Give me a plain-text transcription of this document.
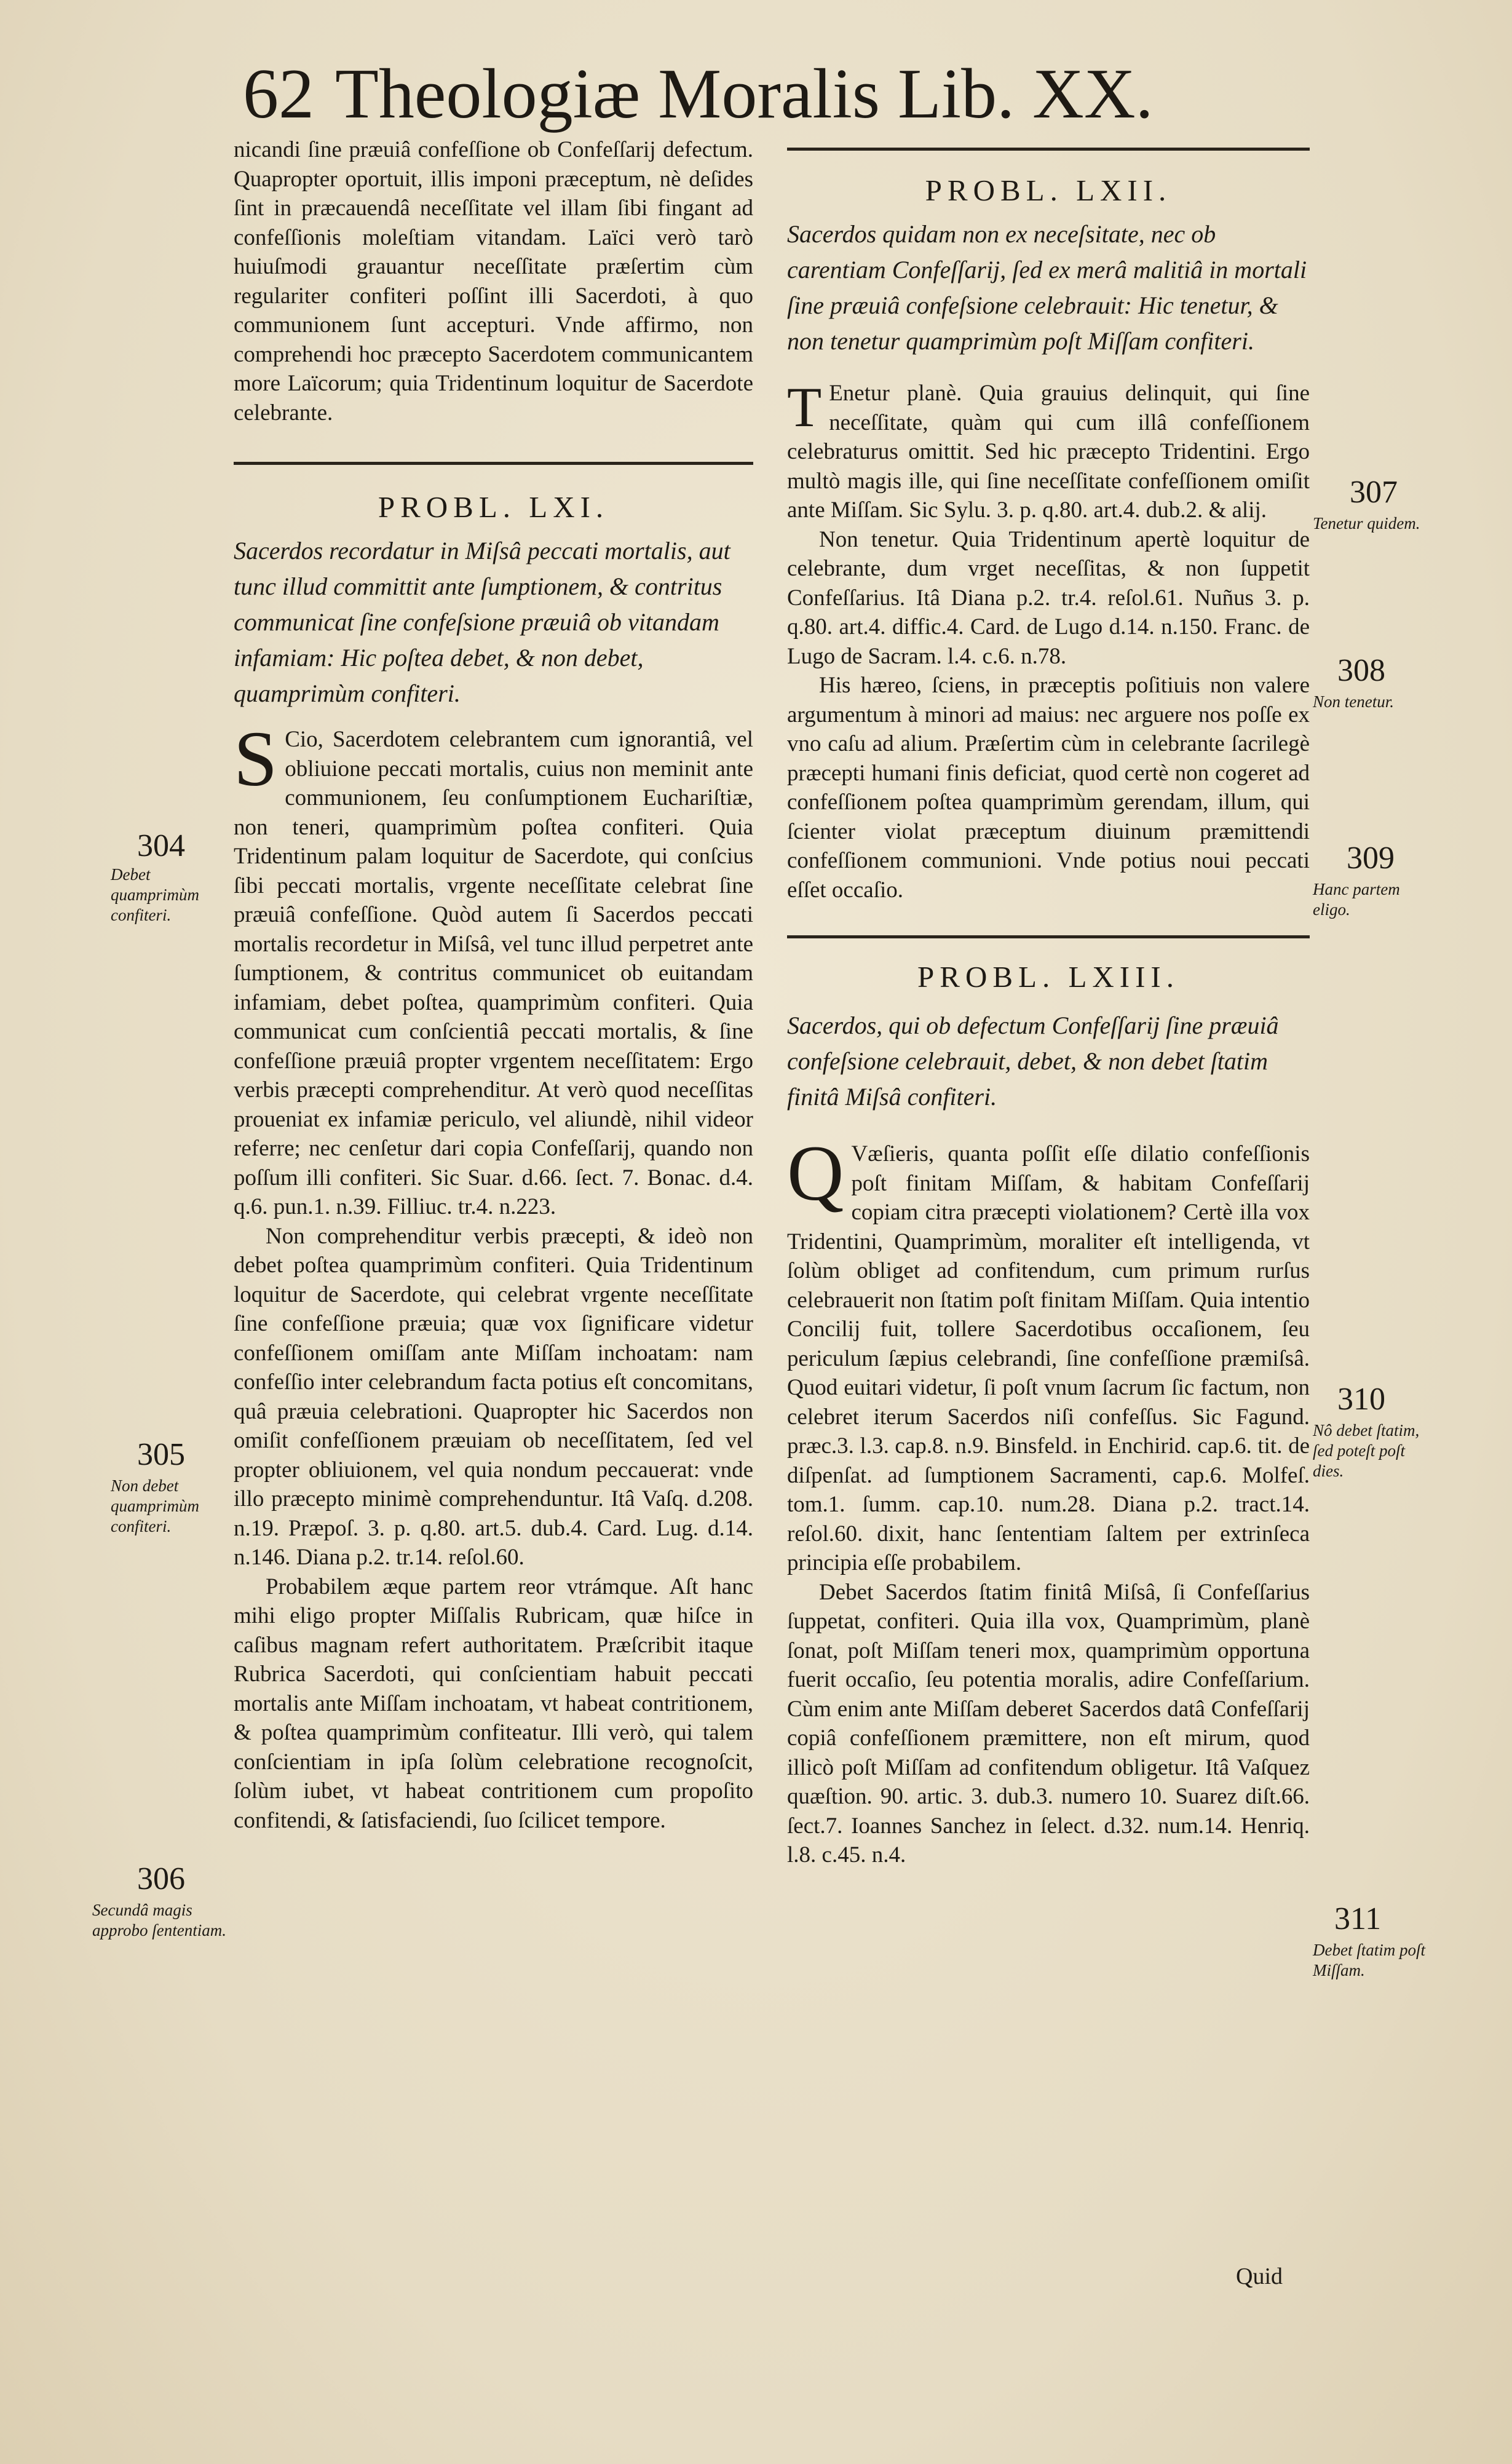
62 Theologiæ Moralis Lib. XX.

nicandi ſine præuiâ confeſſione ob Confeſſarij defectum. Quapropter oportuit, illis imponi præceptum, nè deſides ſint in præcauendâ neceſſitate vel illam ſibi fingant ad confeſſionis moleſtiam vitandam. Laïci verò tarò huiuſmodi grauantur neceſſitate præſertim cùm regulariter confiteri poſſint illi Sacerdoti, à quo communionem ſunt accepturi. Vnde affirmo, non comprehendi hoc præcepto Sacerdotem communicantem more Laïcorum; quia Tridentinum loquitur de Sacerdote celebrante.

PROBL. LXI.

Sacerdos recordatur in Miſsâ peccati mortalis, aut tunc illud committit ante ſumptionem, & contritus communicat ſine confeſsione præuiâ ob vitandam infamiam: Hic poſtea debet, & non debet, quamprimùm confiteri.

S Cio, Sacerdotem celebrantem cum ignorantiâ, vel obliuione peccati mortalis, cuius non meminit ante communionem, ſeu conſumptionem Euchariſtiæ, non teneri, quamprimùm poſtea confiteri. Quia Tridentinum palam loquitur de Sacerdote, qui conſcius ſibi peccati mortalis, vrgente neceſſitate celebrat ſine præuiâ confeſſione. Quòd autem ſi Sacerdos peccati mortalis recordetur in Miſsâ, vel tunc illud perpetret ante ſumptionem, & contritus communicet ob euitandam infamiam, debet poſtea, quamprimùm confiteri. Quia communicat cum conſcientiâ peccati mortalis, & ſine confeſſione præuiâ propter vrgentem neceſſitatem: Ergo verbis præcepti comprehenditur. At verò quod neceſſitas proueniat ex infamiæ periculo, vel aliundè, nihil videor referre; nec cenſetur dari copia Confeſſarij, quando non poſſum illi confiteri. Sic Suar. d.66. ſect. 7. Bonac. d.4. q.6. pun.1. n.39. Filliuc. tr.4. n.223.

Non comprehenditur verbis præcepti, & ideò non debet poſtea quamprimùm confiteri. Quia Tridentinum loquitur de Sacerdote, qui celebrat vrgente neceſſitate ſine confeſſione præuia; quæ vox ſignificare videtur confeſſionem omiſſam ante Miſſam inchoatam: nam confeſſio inter celebrandum facta potius eſt concomitans, quâ præuia celebrationi. Quapropter hic Sacerdos non omiſit confeſſionem præuiam ob neceſſitatem, ſed vel propter obliuionem, vel quia nondum peccauerat: vnde illo præcepto minimè comprehenduntur. Itâ Vaſq. d.208. n.19. Præpoſ. 3. p. q.80. art.5. dub.4. Card. Lug. d.14. n.146. Diana p.2. tr.14. reſol.60.

Probabilem æque partem reor vtrámque. Aſt hanc mihi eligo propter Miſſalis Rubricam, quæ hiſce in caſibus magnam refert authoritatem. Præſcribit itaque Rubrica Sacerdoti, qui conſcientiam habuit peccati mortalis ante Miſſam inchoatam, vt habeat contritionem, & poſtea quamprimùm confiteatur. Illi verò, qui talem conſcientiam in ipſa ſolùm celebratione recognoſcit, ſolùm iubet, vt habeat contritionem cum propoſito confitendi, & ſatisfaciendi, ſuo ſcilicet tempore.

304
Debet quamprimùm confiteri.
305
Non debet quamprimùm confiteri.
306
Secundâ magis approbo ſententiam.

PROBL. LXII.

Sacerdos quidam non ex neceſsitate, nec ob carentiam Confeſſarij, ſed ex merâ malitiâ in mortali ſine præuiâ confeſsione celebrauit: Hic tenetur, & non tenetur quamprimùm poſt Miſſam confiteri.

T Enetur planè. Quia grauius delinquit, qui ſine neceſſitate, quàm qui cum illâ confeſſionem celebraturus omittit. Sed hic præcepto Tridentini. Ergo multò magis ille, qui ſine neceſſitate confeſſionem omiſit ante Miſſam. Sic Sylu. 3. p. q.80. art.4. dub.2. & alij.

Non tenetur. Quia Tridentinum apertè loquitur de celebrante, dum vrget neceſſitas, & non ſuppetit Confeſſarius. Itâ Diana p.2. tr.4. reſol.61. Nuñus 3. p. q.80. art.4. diffic.4. Card. de Lugo d.14. n.150. Franc. de Lugo de Sacram. l.4. c.6. n.78.

His hæreo, ſciens, in præceptis poſitiuis non valere argumentum à minori ad maius: nec arguere nos poſſe ex vno caſu ad alium. Præſertim cùm in celebrante ſacrilegè præcepti humani finis deficiat, quod certè non cogeret ad confeſſionem poſtea quamprimùm gerendam, illum, qui ſcienter violat præceptum diuinum præmittendi confeſſionem communioni. Vnde potius noui peccati eſſet occaſio.

PROBL. LXIII.

Sacerdos, qui ob defectum Confeſſarij ſine præuiâ confeſsione celebrauit, debet, & non debet ſtatim finitâ Miſsâ confiteri.

Q Væſieris, quanta poſſit eſſe dilatio confeſſionis poſt finitam Miſſam, & habitam Confeſſarij copiam citra præcepti violationem? Certè illa vox Tridentini, Quamprimùm, moraliter eſt intelligenda, vt ſolùm obliget ad confitendum, cum primum rurſus celebrauerit non ſtatim poſt finitam Miſſam. Quia intentio Concilij fuit, tollere Sacerdotibus occaſionem, ſeu periculum ſæpius celebrandi, ſine confeſſione præmiſsâ. Quod euitari videtur, ſi poſt vnum ſacrum ſic factum, non celebret iterum Sacerdos niſi confeſſus. Sic Fagund. præc.3. l.3. cap.8. n.9. Binsfeld. in Enchirid. cap.6. tit. de diſpenſat. ad ſumptionem Sacramenti, cap.6. Molfeſ. tom.1. ſumm. cap.10. num.28. Diana p.2. tract.14. reſol.60. dixit, hanc ſententiam ſaltem per extrinſeca principia eſſe probabilem.

Debet Sacerdos ſtatim finitâ Miſsâ, ſi Confeſſarius ſuppetat, confiteri. Quia illa vox, Quamprimùm, planè ſonat, poſt Miſſam teneri mox, quamprimùm opportuna fuerit occaſio, ſeu potentia moralis, adire Confeſſarium. Cùm enim ante Miſſam deberet Sacerdos datâ Confeſſarij copiâ confeſſionem præmittere, non eſt mirum, quod illicò poſt Miſſam ad confitendum obligetur. Itâ Vaſquez quæſtion. 90. artic. 3. dub.3. numero 10. Suarez diſt.66. ſect.7. Ioannes Sanchez in ſelect. d.32. num.14. Henriq. l.8. c.45. n.4.

307
Tenetur quidem.
308
Non tenetur.
309
Hanc partem eligo.
310
Nô debet ſtatim, ſed poteſt poſt dies.
311
Debet ſtatim poſt Miſſam.
Quid
